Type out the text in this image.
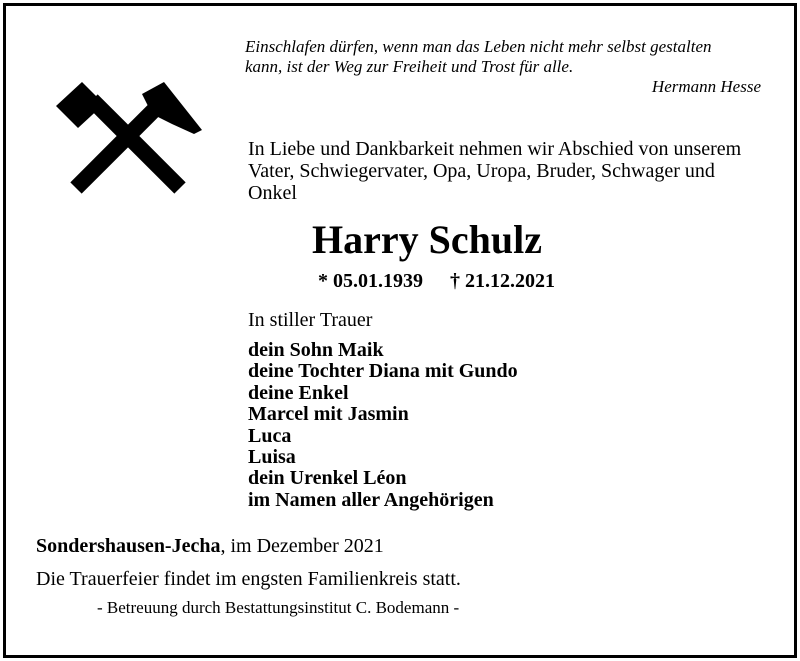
Einschlafen dürfen, wenn man das Leben nicht mehr selbst gestalten
kann, ist der Weg zur Freiheit und Trost für alle.
Hermann Hesse
In Liebe und Dankbarkeit nehmen wir Abschied von unserem
Vater, Schwiegervater, Opa, Uropa, Bruder, Schwager und
Onkel
Harry Schulz
* 05.01.1939 † 21.12.2021
In stiller Trauer
dein Sohn Maik
deine Tochter Diana mit Gundo
deine Enkel
Marcel mit Jasmin
Luca
Luisa
dein Urenkel Léon
im Namen aller Angehörigen
Sondershausen-Jecha, im Dezember 2021
Die Trauerfeier findet im engsten Familienkreis statt.
- Betreuung durch Bestattungsinstitut C. Bodemann -
